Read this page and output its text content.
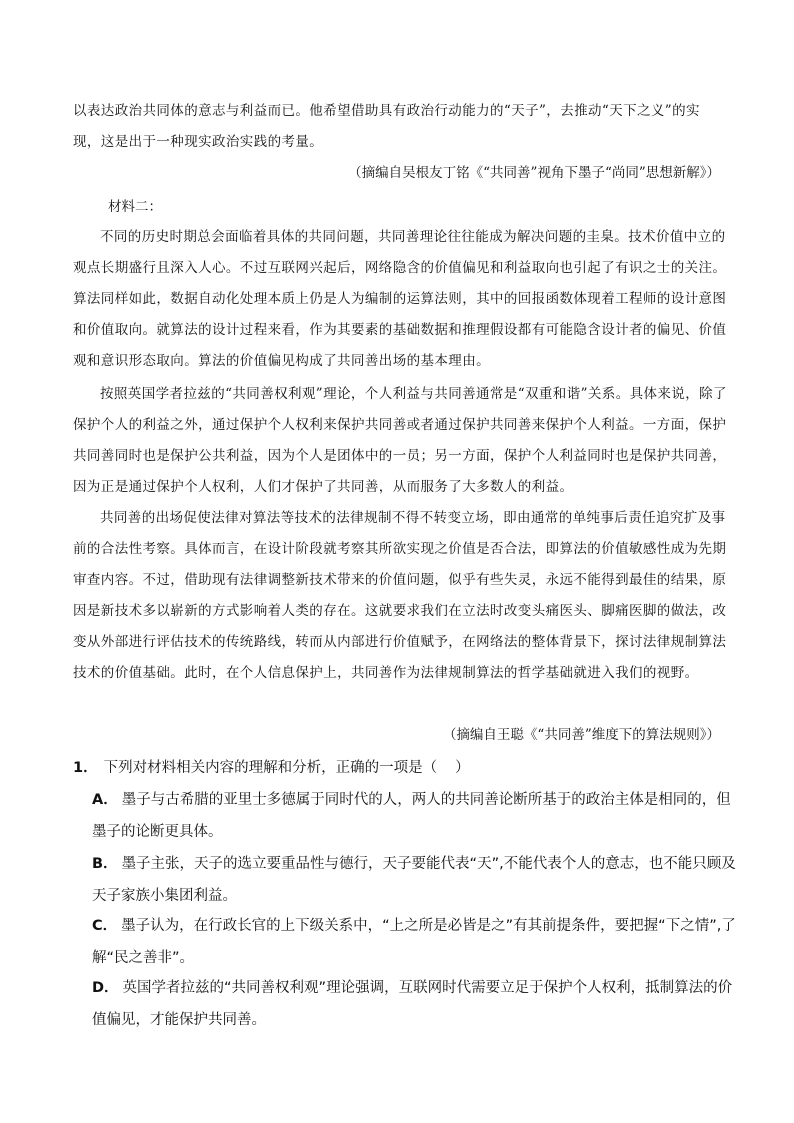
以表达政治共同体的意志与利益而已。他希望借助具有政治行动能力的“天子”，去推动“天下之义”的实现，这是出于一种现实政治实践的考量。

（摘编自吴根友丁铭《“共同善”视角下墨子“尚同”思想新解》）

材料二：

不同的历史时期总会面临着具体的共同问题，共同善理论往往能成为解决问题的圭臬。技术价值中立的观点长期盛行且深入人心。不过互联网兴起后，网络隐含的价值偏见和利益取向也引起了有识之士的关注。算法同样如此，数据自动化处理本质上仍是人为编制的运算法则，其中的回报函数体现着工程师的设计意图和价值取向。就算法的设计过程来看，作为其要素的基础数据和推理假设都有可能隐含设计者的偏见、价值观和意识形态取向。算法的价值偏见构成了共同善出场的基本理由。

按照英国学者拉兹的“共同善权利观”理论，个人利益与共同善通常是“双重和谐”关系。具体来说，除了保护个人的利益之外，通过保护个人权利来保护共同善或者通过保护共同善来保护个人利益。一方面，保护共同善同时也是保护公共利益，因为个人是团体中的一员；另一方面，保护个人利益同时也是保护共同善，因为正是通过保护个人权利，人们才保护了共同善，从而服务了大多数人的利益。

共同善的出场促使法律对算法等技术的法律规制不得不转变立场，即由通常的单纯事后责任追究扩及事前的合法性考察。具体而言，在设计阶段就考察其所欲实现之价值是否合法，即算法的价值敏感性成为先期审查内容。不过，借助现有法律调整新技术带来的价值问题，似乎有些失灵，永远不能得到最佳的结果，原因是新技术多以崭新的方式影响着人类的存在。这就要求我们在立法时改变头痛医头、脚痛医脚的做法，改变从外部进行评估技术的传统路线，转而从内部进行价值赋予，在网络法的整体背景下，探讨法律规制算法技术的价值基础。此时，在个人信息保护上，共同善作为法律规制算法的哲学基础就进入我们的视野。

（摘编自王聪《“共同善”维度下的算法规则》）

1． 下列对材料相关内容的理解和分析，正确的一项是（ ）

A． 墨子与古希腊的亚里士多德属于同时代的人，两人的共同善论断所基于的政治主体是相同的，但墨子的论断更具体。

B． 墨子主张，天子的选立要重品性与德行，天子要能代表“天”,不能代表个人的意志，也不能只顾及天子家族小集团利益。

C． 墨子认为，在行政长官的上下级关系中，“上之所是必皆是之”有其前提条件，要把握“下之情”,了解“民之善非”。

D． 英国学者拉兹的“共同善权利观”理论强调，互联网时代需要立足于保护个人权利，抵制算法的价值偏见，才能保护共同善。
